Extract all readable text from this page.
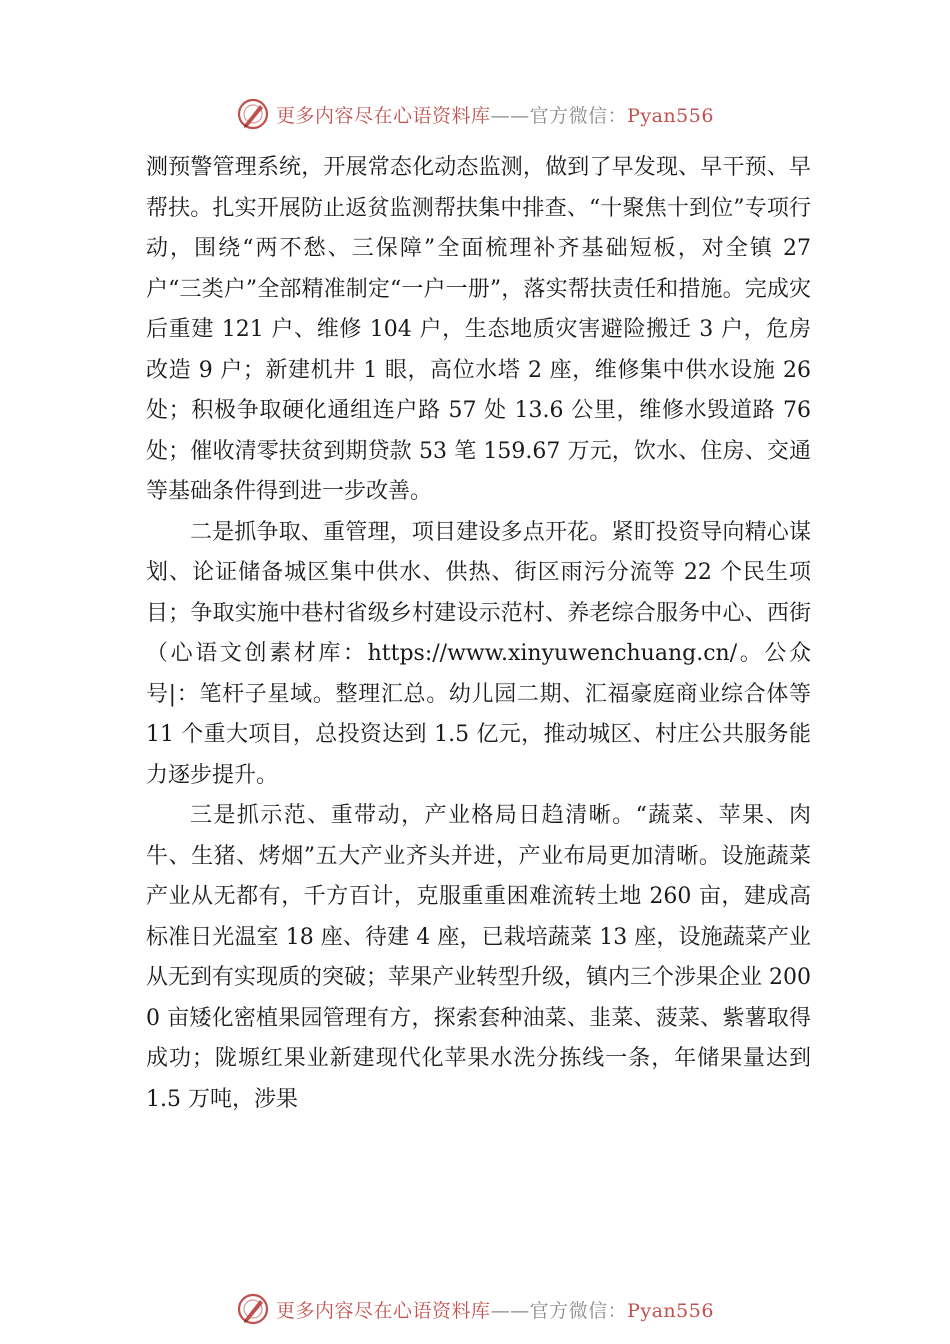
更多内容尽在心语资料库——官方微信：Pyan556

测预警管理系统，开展常态化动态监测，做到了早发现、早干预、早帮扶。扎实开展防止返贫监测帮扶集中排查、“十聚焦十到位”专项行动，围绕“两不愁、三保障”全面梳理补齐基础短板，对全镇 27 户“三类户”全部精准制定“一户一册”，落实帮扶责任和措施。完成灾后重建 121 户、维修 104 户，生态地质灾害避险搬迁 3 户，危房改造 9 户；新建机井 1 眼，高位水塔 2 座，维修集中供水设施 26 处；积极争取硬化通组连户路 57 处 13.6 公里，维修水毁道路 76 处；催收清零扶贫到期贷款 53 笔 159.67 万元，饮水、住房、交通等基础条件得到进一步改善。

二是抓争取、重管理，项目建设多点开花。紧盯投资导向精心谋划、论证储备城区集中供水、供热、街区雨污分流等 22 个民生项目；争取实施中巷村省级乡村建设示范村、养老综合服务中心、西街（心语文创素材库：https://www.xinyuwenchuang.cn/。公众号|：笔杆子星域。整理汇总。幼儿园二期、汇福豪庭商业综合体等 11 个重大项目，总投资达到 1.5 亿元，推动城区、村庄公共服务能力逐步提升。

三是抓示范、重带动，产业格局日趋清晰。“蔬菜、苹果、肉牛、生猪、烤烟”五大产业齐头并进，产业布局更加清晰。设施蔬菜产业从无都有，千方百计，克服重重困难流转土地 260 亩，建成高标准日光温室 18 座、待建 4 座，已栽培蔬菜 13 座，设施蔬菜产业从无到有实现质的突破；苹果产业转型升级，镇内三个涉果企业 2000 亩矮化密植果园管理有方，探索套种油菜、韭菜、菠菜、紫薯取得成功；陇塬红果业新建现代化苹果水洗分拣线一条，年储果量达到 1.5 万吨，涉果

更多内容尽在心语资料库——官方微信：Pyan556
